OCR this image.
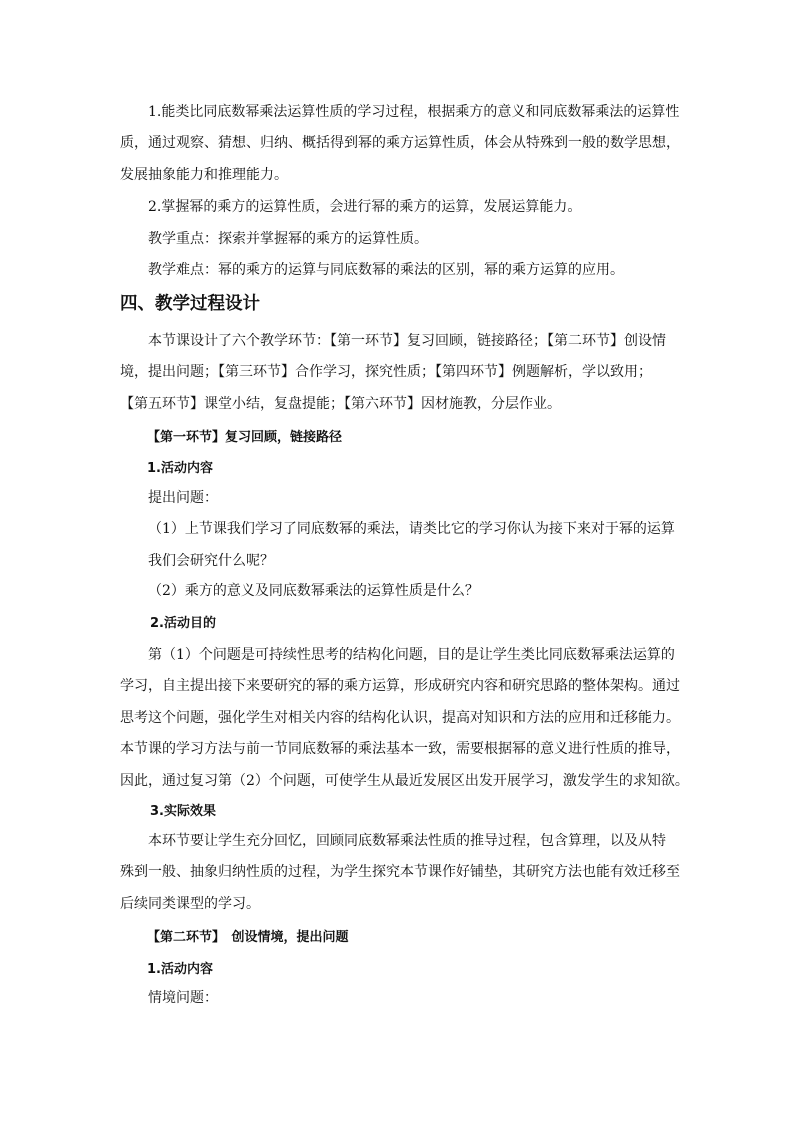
1.能类比同底数幂乘法运算性质的学习过程，根据乘方的意义和同底数幂乘法的运算性
质，通过观察、猜想、归纳、概括得到幂的乘方运算性质，体会从特殊到一般的数学思想，
发展抽象能力和推理能力。
2.掌握幂的乘方的运算性质，会进行幂的乘方的运算，发展运算能力。
教学重点：探索并掌握幂的乘方的运算性质。
教学难点：幂的乘方的运算与同底数幂的乘法的区别，幂的乘方运算的应用。
四、教学过程设计
本节课设计了六个教学环节：【第一环节】复习回顾，链接路径；【第二环节】创设情
境，提出问题；【第三环节】合作学习，探究性质；【第四环节】例题解析，学以致用；
【第五环节】课堂小结，复盘提能；【第六环节】因材施教，分层作业。
【第一环节】复习回顾，链接路径
1.活动内容
提出问题：
（1）上节课我们学习了同底数幂的乘法，请类比它的学习你认为接下来对于幂的运算
我们会研究什么呢？
（2）乘方的意义及同底数幂乘法的运算性质是什么？
2.活动目的
第（1）个问题是可持续性思考的结构化问题，目的是让学生类比同底数幂乘法运算的
学习，自主提出接下来要研究的幂的乘方运算，形成研究内容和研究思路的整体架构。通过
思考这个问题，强化学生对相关内容的结构化认识，提高对知识和方法的应用和迁移能力。
本节课的学习方法与前一节同底数幂的乘法基本一致，需要根据幂的意义进行性质的推导，
因此，通过复习第（2）个问题，可使学生从最近发展区出发开展学习，激发学生的求知欲。
3.实际效果
本环节要让学生充分回忆，回顾同底数幂乘法性质的推导过程，包含算理，以及从特
殊到一般、抽象归纳性质的过程，为学生探究本节课作好铺垫，其研究方法也能有效迁移至
后续同类课型的学习。
【第二环节】　创设情境，提出问题
1.活动内容
情境问题：
